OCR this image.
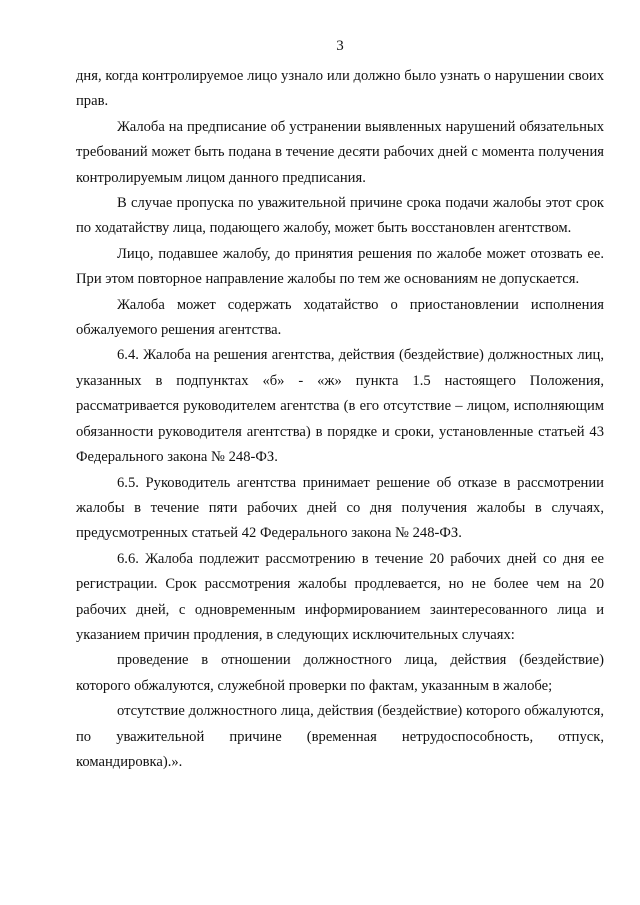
3

дня, когда контролируемое лицо узнало или должно было узнать о нарушении своих прав.

Жалоба на предписание об устранении выявленных нарушений обязательных требований может быть подана в течение десяти рабочих дней с момента получения контролируемым лицом данного предписания.

В случае пропуска по уважительной причине срока подачи жалобы этот срок по ходатайству лица, подающего жалобу, может быть восстановлен агентством.

Лицо, подавшее жалобу, до принятия решения по жалобе может отозвать ее. При этом повторное направление жалобы по тем же основаниям не допускается.

Жалоба может содержать ходатайство о приостановлении исполнения обжалуемого решения агентства.

6.4. Жалоба на решения агентства, действия (бездействие) должностных лиц, указанных в подпунктах «б» - «ж» пункта 1.5 настоящего Положения, рассматривается руководителем агентства (в его отсутствие – лицом, исполняющим обязанности руководителя агентства) в порядке и сроки, установленные статьей 43 Федерального закона № 248-ФЗ.

6.5. Руководитель агентства принимает решение об отказе в рассмотрении жалобы в течение пяти рабочих дней со дня получения жалобы в случаях, предусмотренных статьей 42 Федерального закона № 248-ФЗ.

6.6. Жалоба подлежит рассмотрению в течение 20 рабочих дней со дня ее регистрации. Срок рассмотрения жалобы продлевается, но не более чем на 20 рабочих дней, с одновременным информированием заинтересованного лица и указанием причин продления, в следующих исключительных случаях:

проведение в отношении должностного лица, действия (бездействие) которого обжалуются, служебной проверки по фактам, указанным в жалобе;

отсутствие должностного лица, действия (бездействие) которого обжалуются, по уважительной причине (временная нетрудоспособность, отпуск, командировка).».
